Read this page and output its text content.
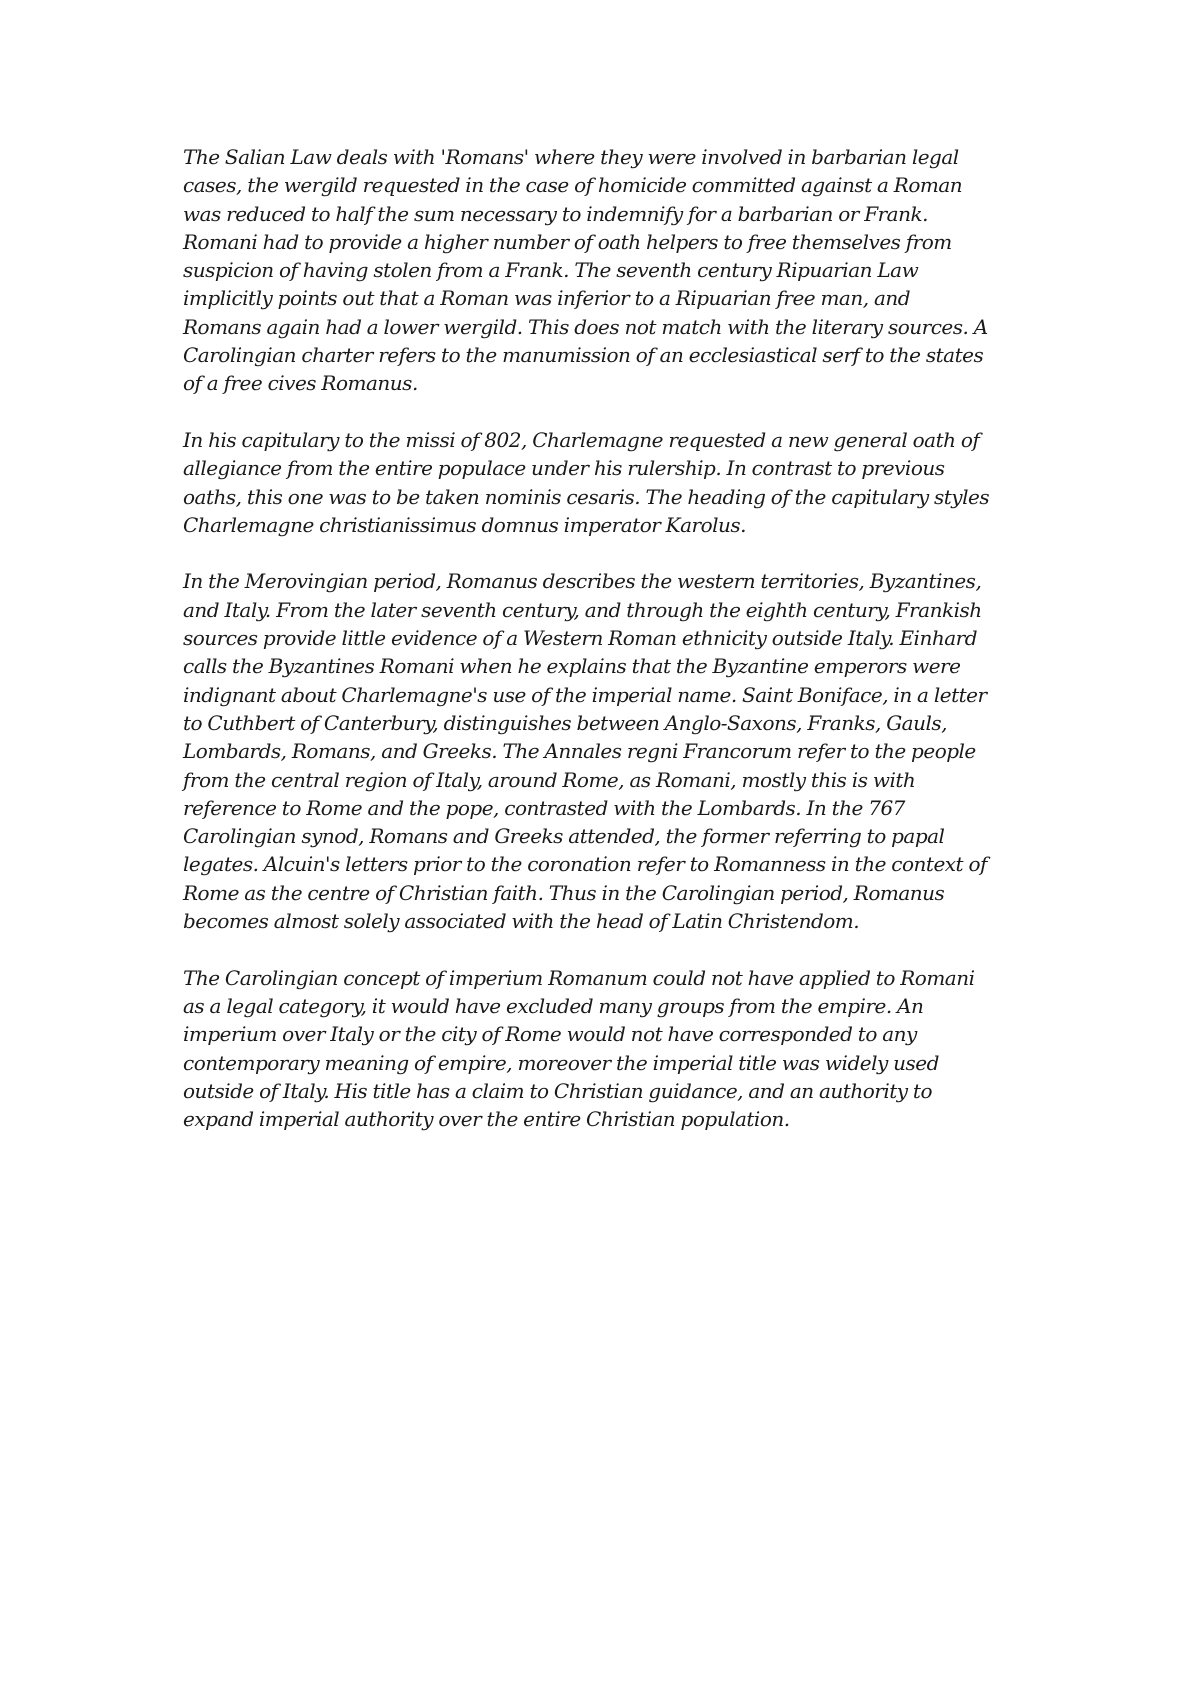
The Salian Law deals with 'Romans' where they were involved in barbarian legal
cases, the wergild requested in the case of homicide committed against a Roman
was reduced to half the sum necessary to indemnify for a barbarian or Frank.
Romani had to provide a higher number of oath helpers to free themselves from
suspicion of having stolen from a Frank. The seventh century Ripuarian Law
implicitly points out that a Roman was inferior to a Ripuarian free man, and
Romans again had a lower wergild. This does not match with the literary sources. A
Carolingian charter refers to the manumission of an ecclesiastical serf to the states
of a free cives Romanus.

In his capitulary to the missi of 802, Charlemagne requested a new general oath of
allegiance from the entire populace under his rulership. In contrast to previous
oaths, this one was to be taken nominis cesaris. The heading of the capitulary styles
Charlemagne christianissimus domnus imperator Karolus.

In the Merovingian period, Romanus describes the western territories, Byzantines,
and Italy. From the later seventh century, and through the eighth century, Frankish
sources provide little evidence of a Western Roman ethnicity outside Italy. Einhard
calls the Byzantines Romani when he explains that the Byzantine emperors were
indignant about Charlemagne's use of the imperial name. Saint Boniface, in a letter
to Cuthbert of Canterbury, distinguishes between Anglo-Saxons, Franks, Gauls,
Lombards, Romans, and Greeks. The Annales regni Francorum refer to the people
from the central region of Italy, around Rome, as Romani, mostly this is with
reference to Rome and the pope, contrasted with the Lombards. In the 767
Carolingian synod, Romans and Greeks attended, the former referring to papal
legates. Alcuin's letters prior to the coronation refer to Romanness in the context of
Rome as the centre of Christian faith. Thus in the Carolingian period, Romanus
becomes almost solely associated with the head of Latin Christendom.

The Carolingian concept of imperium Romanum could not have applied to Romani
as a legal category, it would have excluded many groups from the empire. An
imperium over Italy or the city of Rome would not have corresponded to any
contemporary meaning of empire, moreover the imperial title was widely used
outside of Italy. His title has a claim to Christian guidance, and an authority to
expand imperial authority over the entire Christian population.
